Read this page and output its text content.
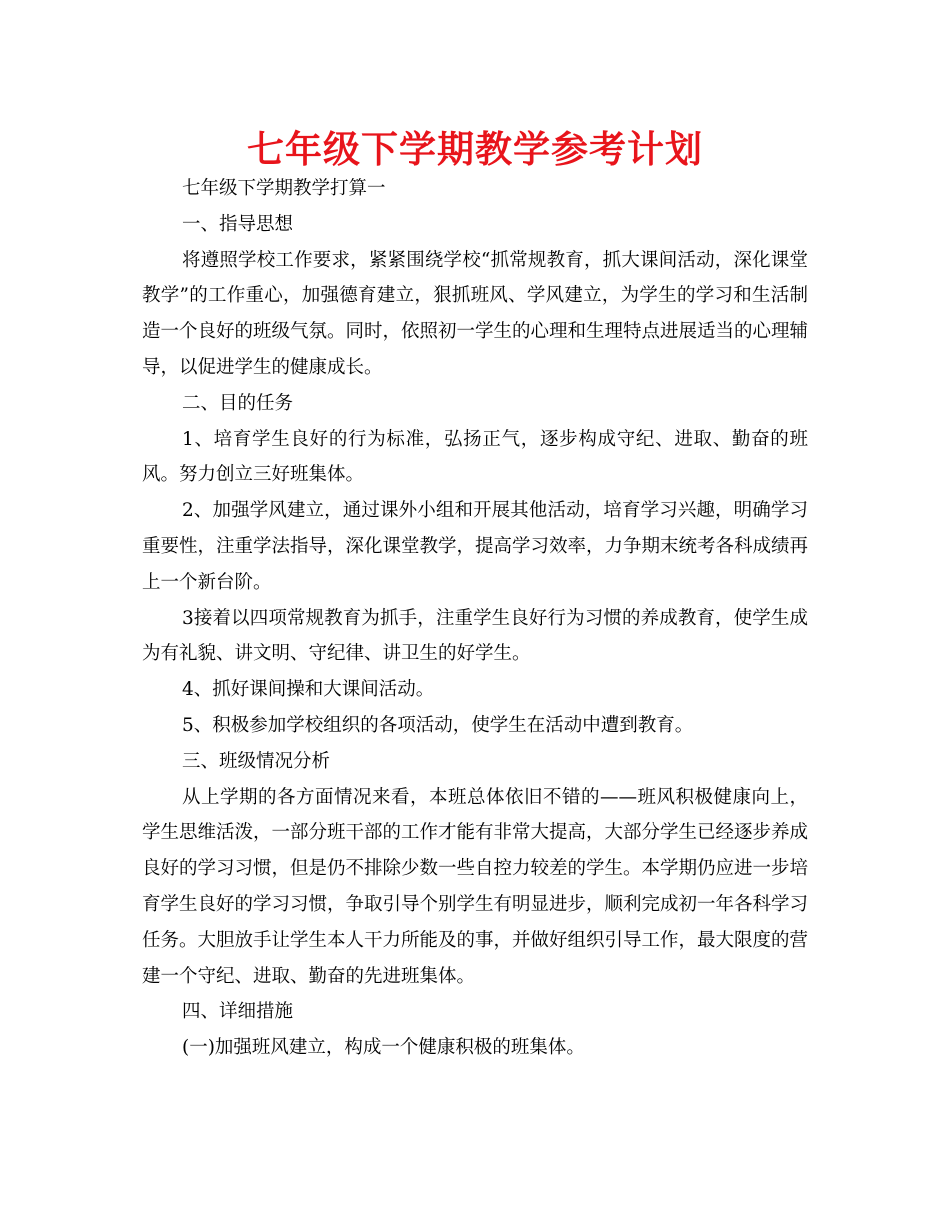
七年级下学期教学参考计划

七年级下学期教学打算一

一、指导思想

将遵照学校工作要求，紧紧围绕学校“抓常规教育，抓大课间活动，深化课堂教学”的工作重心，加强德育建立，狠抓班风、学风建立，为学生的学习和生活制造一个良好的班级气氛。同时，依照初一学生的心理和生理特点进展适当的心理辅导，以促进学生的健康成长。

二、目的任务

1、培育学生良好的行为标准，弘扬正气，逐步构成守纪、进取、勤奋的班风。努力创立三好班集体。

2、加强学风建立，通过课外小组和开展其他活动，培育学习兴趣，明确学习重要性，注重学法指导，深化课堂教学，提高学习效率，力争期末统考各科成绩再上一个新台阶。

3接着以四项常规教育为抓手，注重学生良好行为习惯的养成教育，使学生成为有礼貌、讲文明、守纪律、讲卫生的好学生。

4、抓好课间操和大课间活动。

5、积极参加学校组织的各项活动，使学生在活动中遭到教育。

三、班级情况分析

从上学期的各方面情况来看，本班总体依旧不错的——班风积极健康向上，学生思维活泼，一部分班干部的工作才能有非常大提高，大部分学生已经逐步养成良好的学习习惯，但是仍不排除少数一些自控力较差的学生。本学期仍应进一步培育学生良好的学习习惯，争取引导个别学生有明显进步，顺利完成初一年各科学习任务。大胆放手让学生本人干力所能及的事，并做好组织引导工作，最大限度的营建一个守纪、进取、勤奋的先进班集体。

四、详细措施

(一)加强班风建立，构成一个健康积极的班集体。
